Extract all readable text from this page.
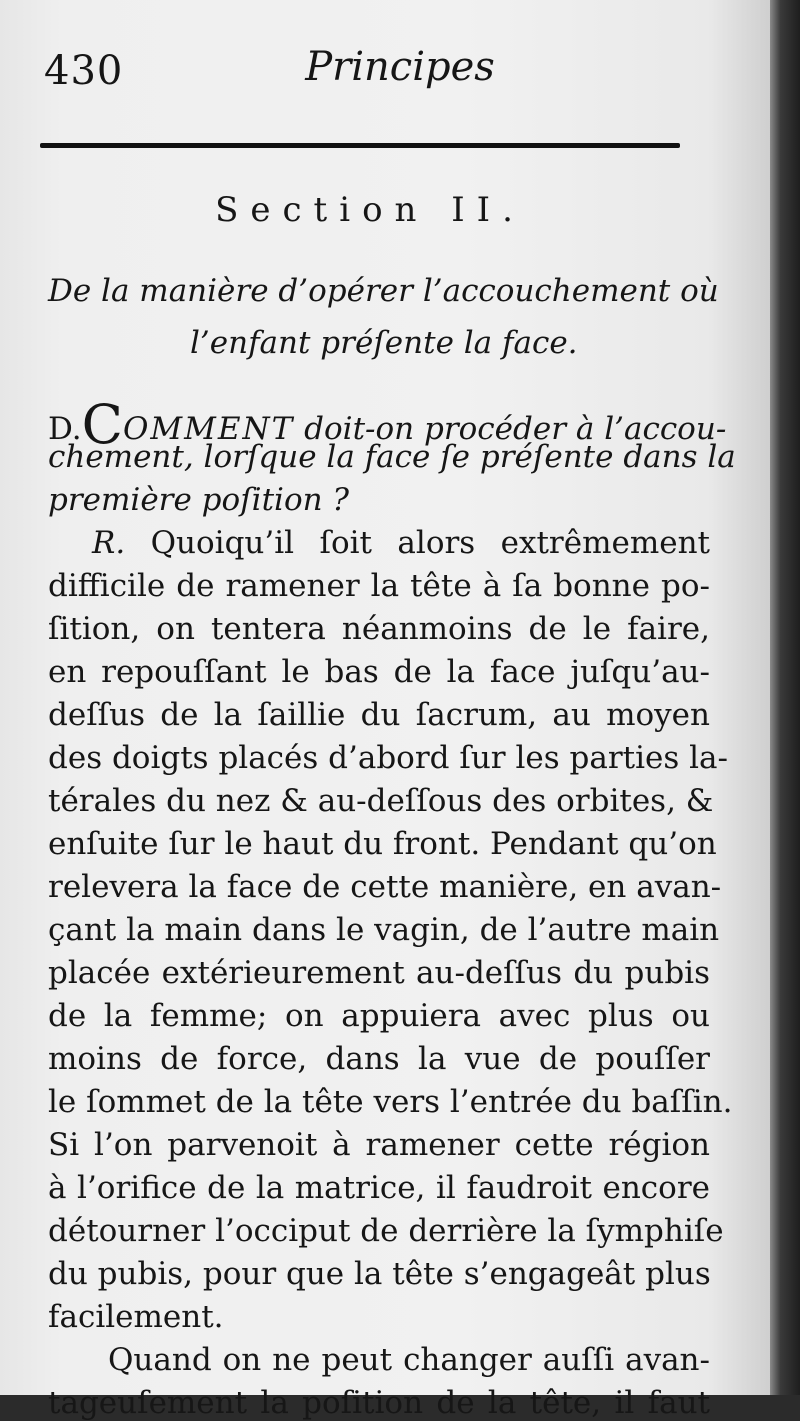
430	Principes
Section II.
De la manière d’opérer l’accouchement où
l’enfant préſente la face.
D.COMMENT doit-on procéder à l’accou-
chement, lorſque la face ſe préſente dans la
première poſition ?
R. Quoiqu’il ſoit alors extrêmement
difficile de ramener la tête à ſa bonne po-
ſition, on tentera néanmoins de le faire,
en repouſſant le bas de la face juſqu’au-
deſſus de la ſaillie du ſacrum, au moyen
des doigts placés d’abord ſur les parties la-
térales du nez & au-deſſous des orbites, &
enſuite ſur le haut du front. Pendant qu’on
relevera la face de cette manière, en avan-
çant la main dans le vagin, de l’autre main
placée extérieurement au-deſſus du pubis
de la femme; on appuiera avec plus ou
moins de force, dans la vue de pouſſer
le ſommet de la tête vers l’entrée du baſſin.
Si l’on parvenoit à ramener cette région
à l’orifice de la matrice, il faudroit encore
détourner l’occiput de derrière la ſymphiſe
du pubis, pour que la tête s’engageât plus
facilement.
Quand on ne peut changer auſſi avan-
tageuſement la poſition de la tête, il faut
